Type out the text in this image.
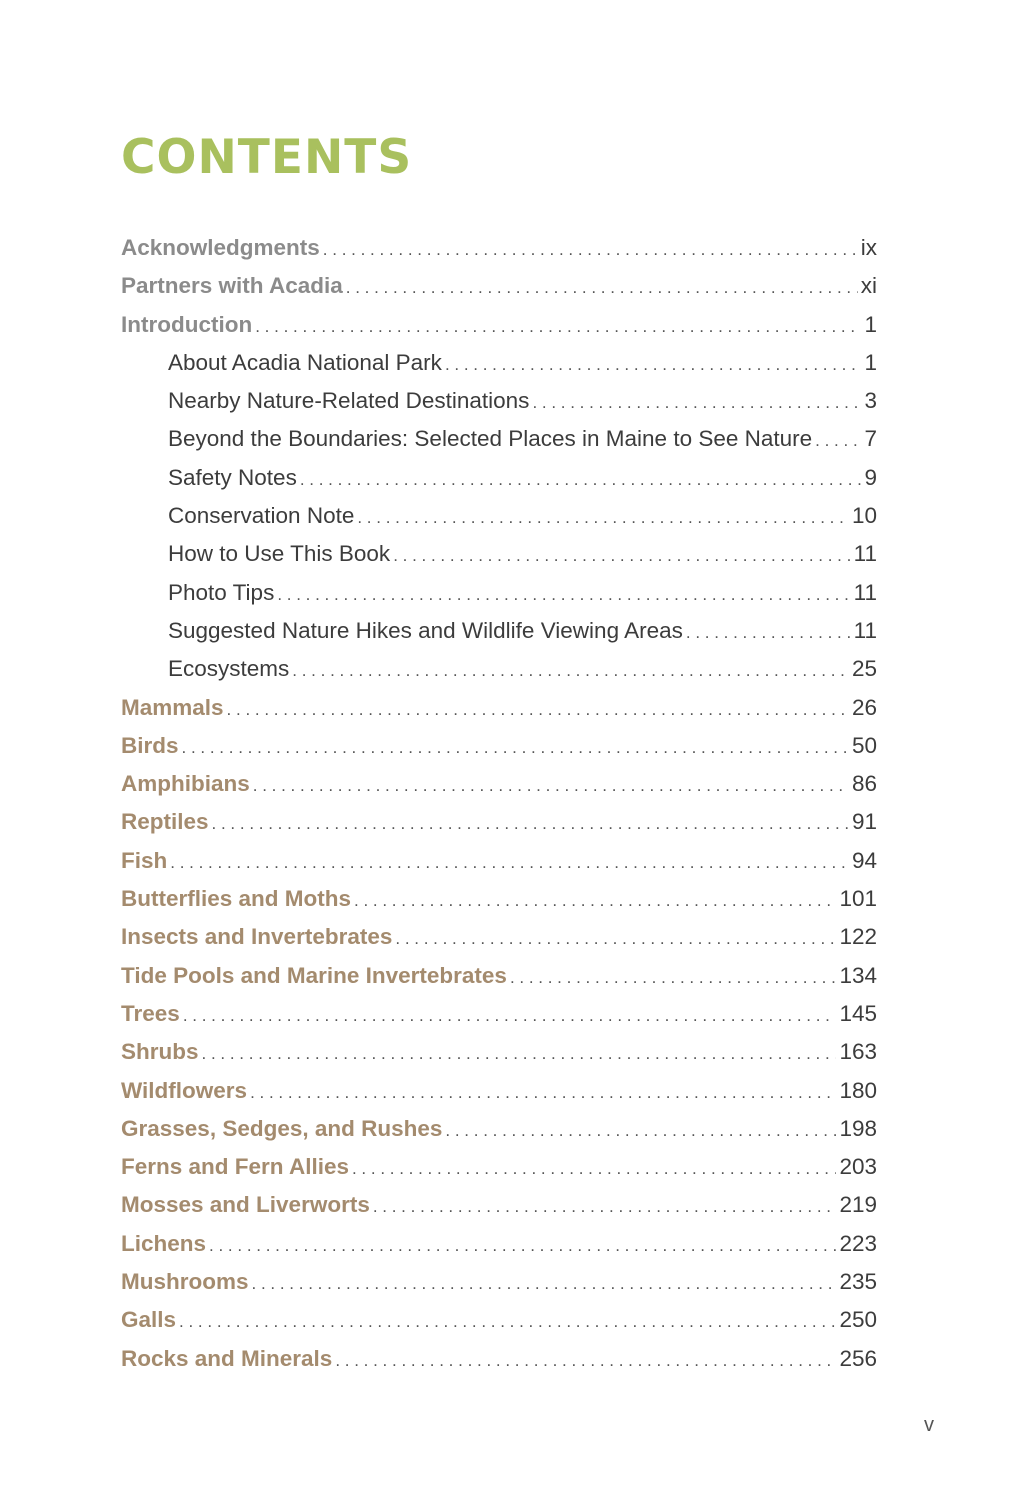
CONTENTS
Acknowledgments . . .	ix
Partners with Acadia . . .	xi
Introduction . . .	1
About Acadia National Park . . .	1
Nearby Nature-Related Destinations . . .	3
Beyond the Boundaries: Selected Places in Maine to See Nature . . . 7
Safety Notes . . .	9
Conservation Note . . .	10
How to Use This Book . . .	11
Photo Tips . . .	11
Suggested Nature Hikes and Wildlife Viewing Areas . . .	11
Ecosystems . . .	25
Mammals . . .	26
Birds . . .	50
Amphibians . . .	86
Reptiles . . .	91
Fish . . .	94
Butterflies and Moths . . .	101
Insects and Invertebrates . . .	122
Tide Pools and Marine Invertebrates . . .	134
Trees . . .	145
Shrubs . . .	163
Wildflowers . . .	180
Grasses, Sedges, and Rushes . . .	198
Ferns and Fern Allies . . .	203
Mosses and Liverworts . . .	219
Lichens . . .	223
Mushrooms . . .	235
Galls . . .	250
Rocks and Minerals . . .	256
v
